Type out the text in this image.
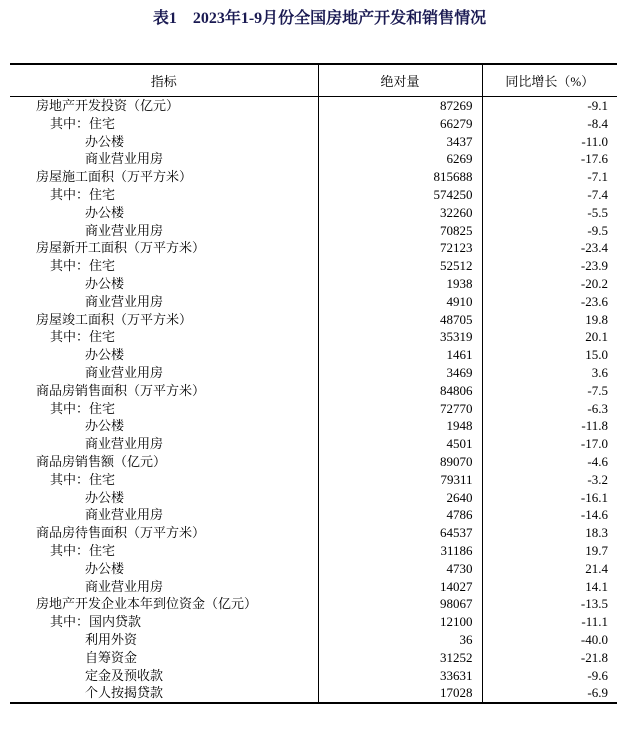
表1　2023年1-9月份全国房地产开发和销售情况
指标	绝对量	同比增长（%）
房地产开发投资（亿元）	87269	-9.1
其中：住宅	66279	-8.4
办公楼	3437	-11.0
商业营业用房	6269	-17.6
房屋施工面积（万平方米）	815688	-7.1
其中：住宅	574250	-7.4
办公楼	32260	-5.5
商业营业用房	70825	-9.5
房屋新开工面积（万平方米）	72123	-23.4
其中：住宅	52512	-23.9
办公楼	1938	-20.2
商业营业用房	4910	-23.6
房屋竣工面积（万平方米）	48705	19.8
其中：住宅	35319	20.1
办公楼	1461	15.0
商业营业用房	3469	3.6
商品房销售面积（万平方米）	84806	-7.5
其中：住宅	72770	-6.3
办公楼	1948	-11.8
商业营业用房	4501	-17.0
商品房销售额（亿元）	89070	-4.6
其中：住宅	79311	-3.2
办公楼	2640	-16.1
商业营业用房	4786	-14.6
商品房待售面积（万平方米）	64537	18.3
其中：住宅	31186	19.7
办公楼	4730	21.4
商业营业用房	14027	14.1
房地产开发企业本年到位资金（亿元）	98067	-13.5
其中：国内贷款	12100	-11.1
利用外资	36	-40.0
自筹资金	31252	-21.8
定金及预收款	33631	-9.6
个人按揭贷款	17028	-6.9
